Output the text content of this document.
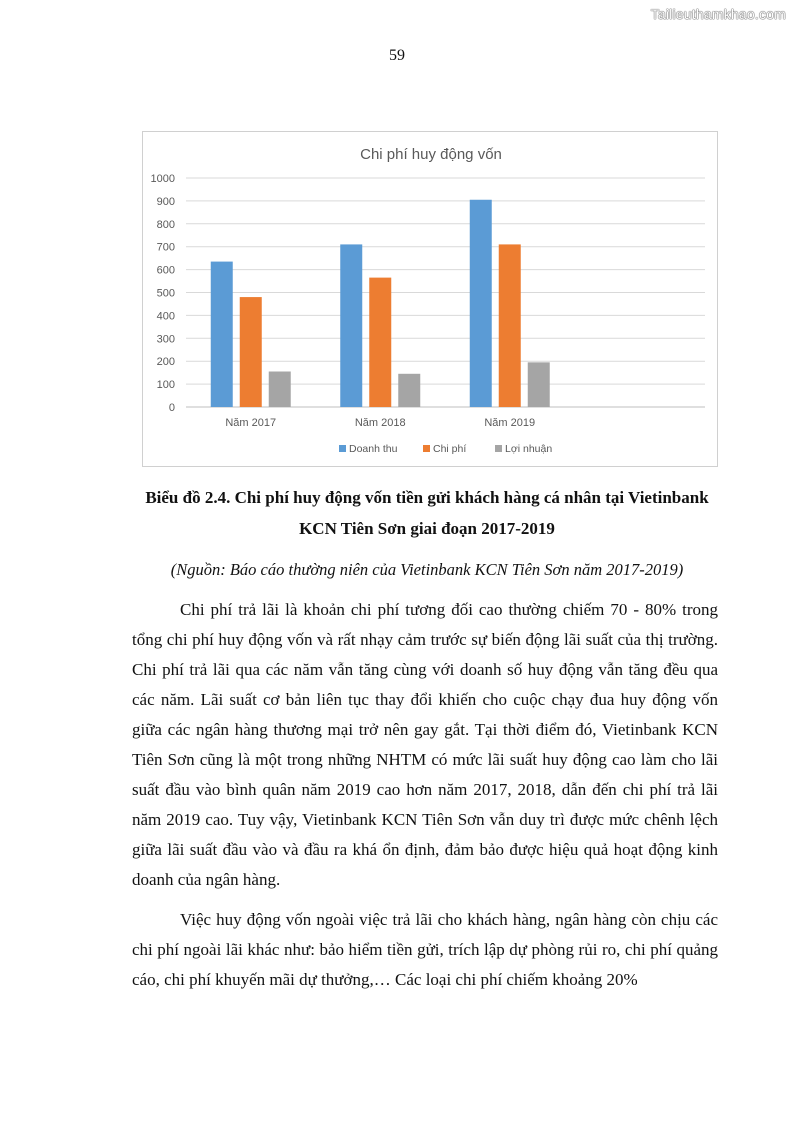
Tailieuthamkhao.com
59
Chi phí huy động vốn
0
100
200
300
400
500
600
700
800
900
1000
Năm 2017	Năm 2018	Năm 2019
Doanh thu	Chi phí	Lợi nhuận
Biểu đồ 2.4. Chi phí huy động vốn tiền gửi khách hàng cá nhân tại Vietinbank
KCN Tiên Sơn giai đoạn 2017-2019
(Nguồn: Báo cáo thường niên của Vietinbank KCN Tiên Sơn năm 2017-2019)

Chi phí trả lãi là khoản chi phí tương đối cao thường chiếm 70 - 80% trong tổng chi phí huy động vốn và rất nhạy cảm trước sự biến động lãi suất của thị trường. Chi phí trả lãi qua các năm vẫn tăng cùng với doanh số huy động vẫn tăng đều qua các năm. Lãi suất cơ bản liên tục thay đổi khiến cho cuộc chạy đua huy động vốn giữa các ngân hàng thương mại trở nên gay gắt. Tại thời điểm đó, Vietinbank KCN Tiên Sơn cũng là một trong những NHTM có mức lãi suất huy động cao làm cho lãi suất đầu vào bình quân năm 2019 cao hơn năm 2017, 2018, dẫn đến chi phí trả lãi năm 2019 cao. Tuy vậy, Vietinbank KCN Tiên Sơn vẫn duy trì được mức chênh lệch giữa lãi suất đầu vào và đầu ra khá ổn định, đảm bảo được hiệu quả hoạt động kinh doanh của ngân hàng.

Việc huy động vốn ngoài việc trả lãi cho khách hàng, ngân hàng còn chịu các chi phí ngoài lãi khác như: bảo hiểm tiền gửi, trích lập dự phòng rủi ro, chi phí quảng cáo, chi phí khuyến mãi dự thưởng,… Các loại chi phí chiếm khoảng 20%
